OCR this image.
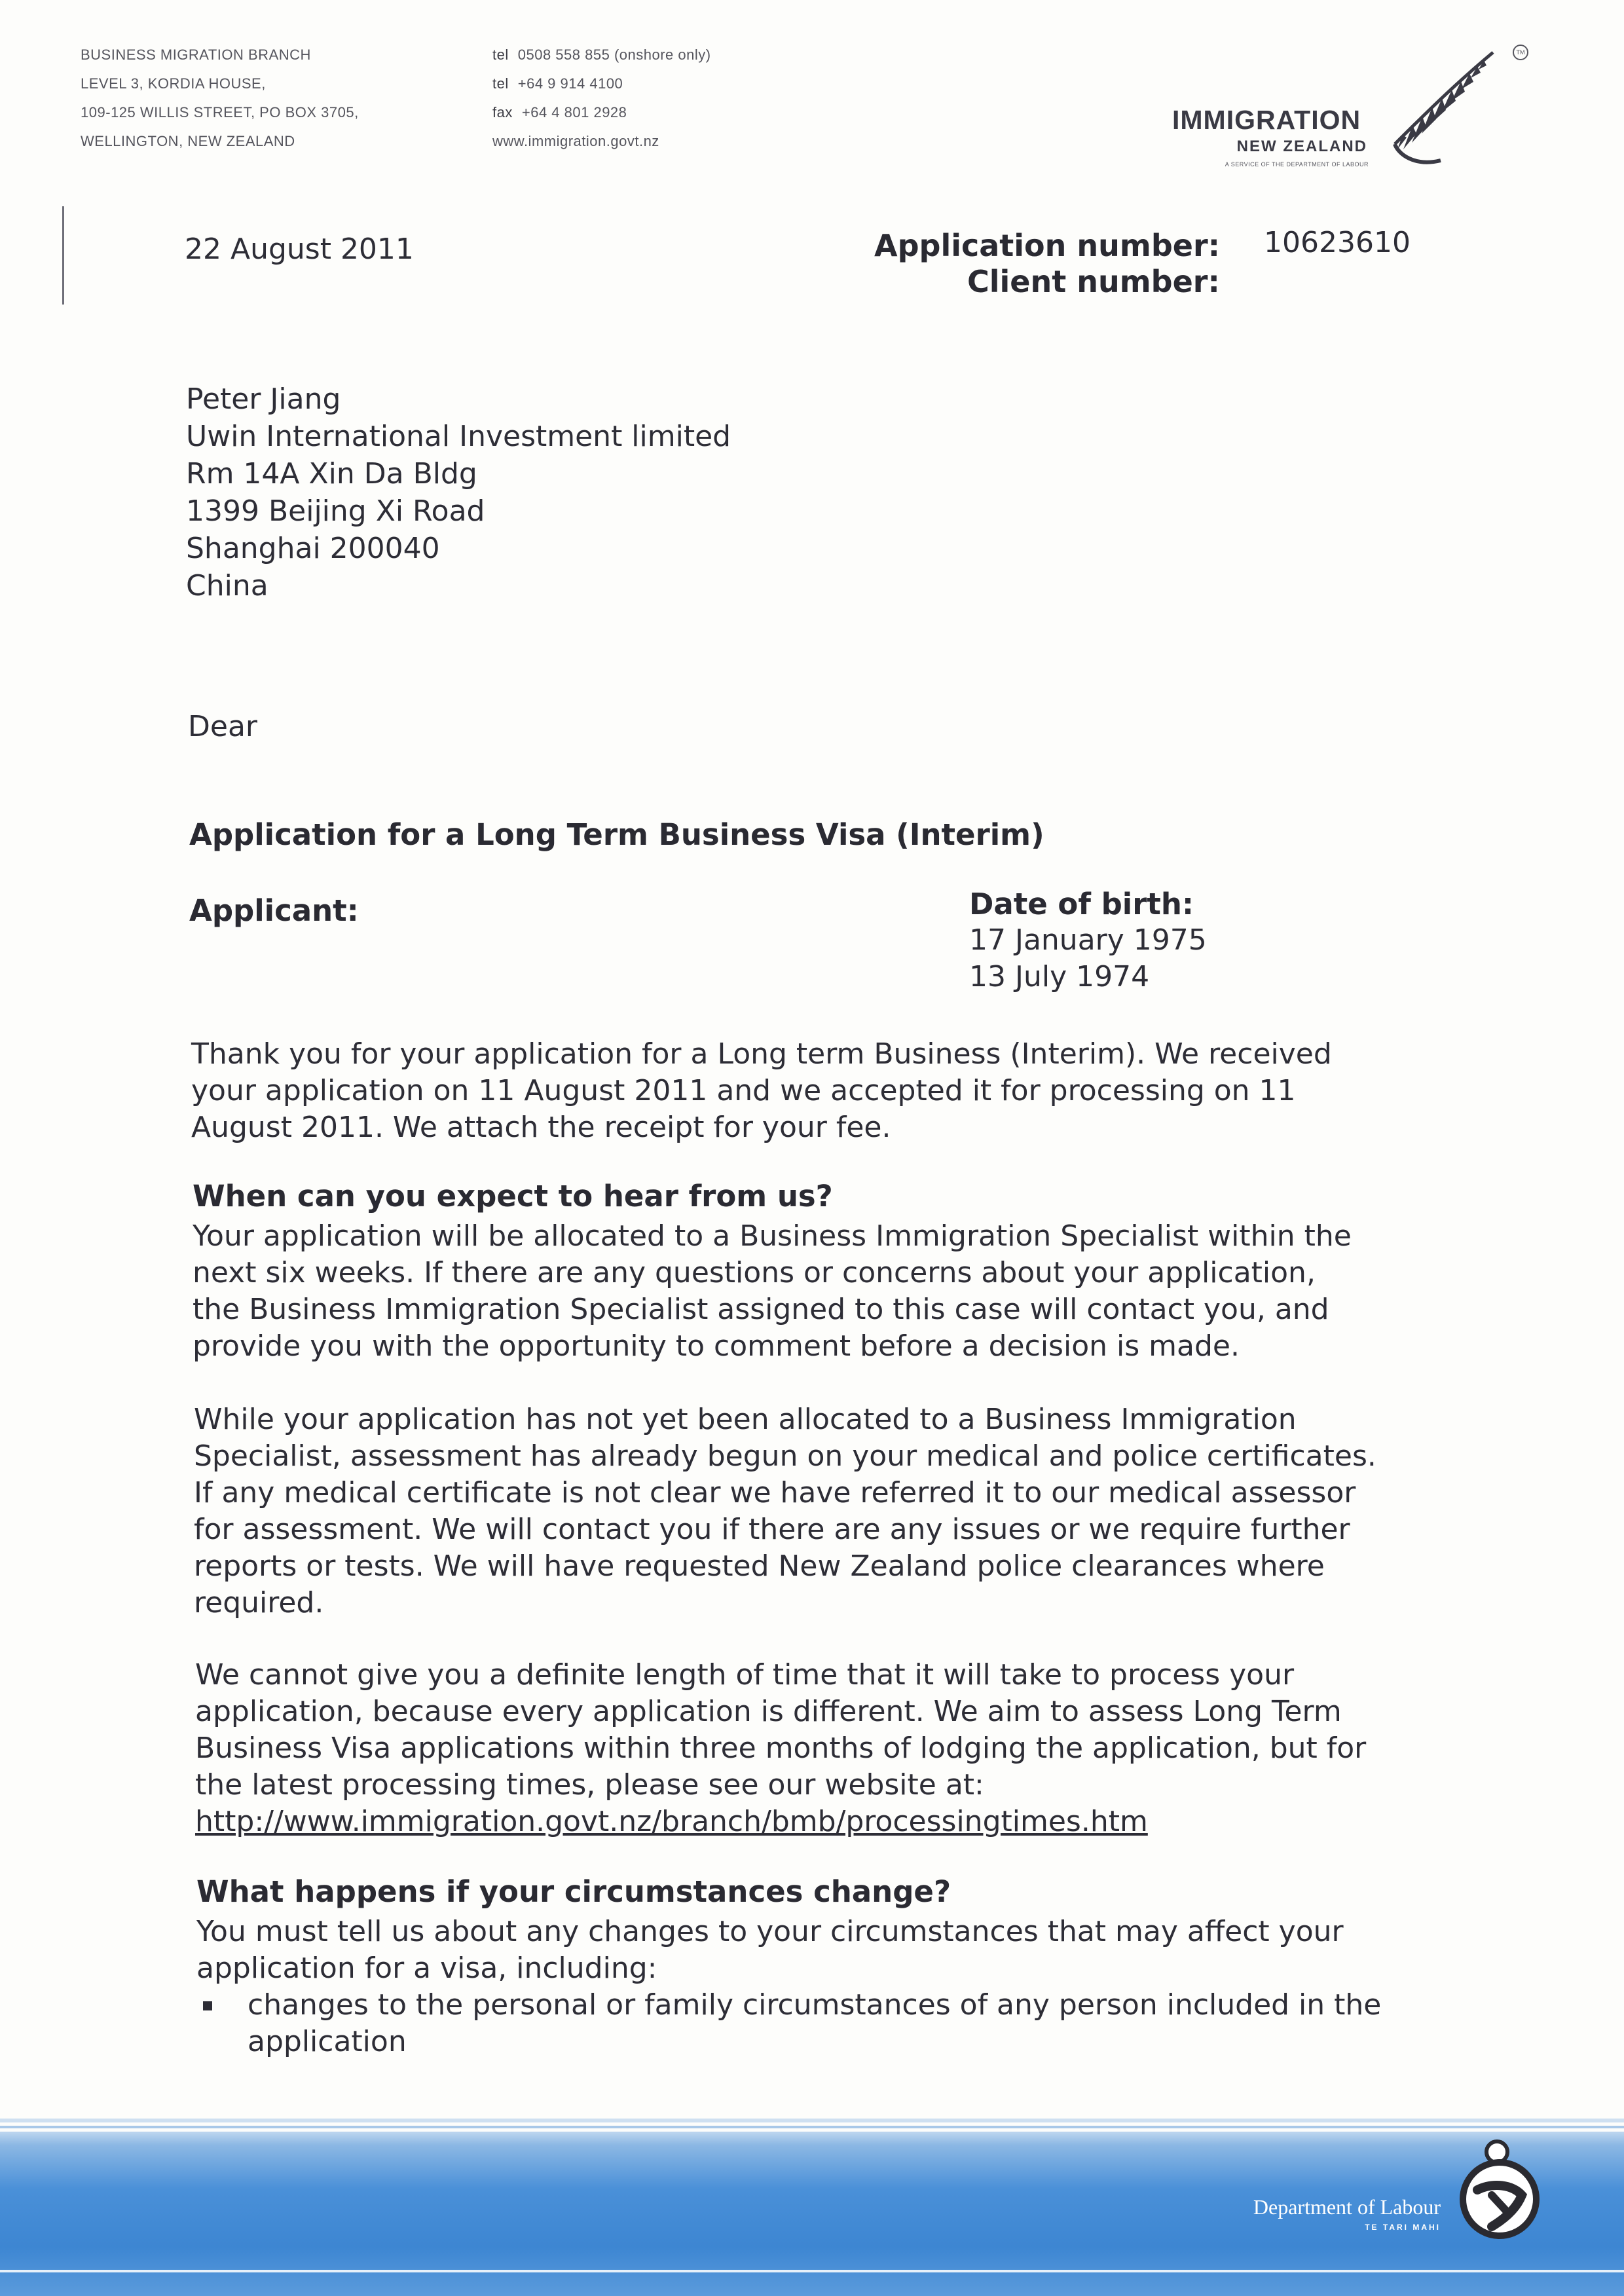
BUSINESS MIGRATION BRANCH
LEVEL 3, KORDIA HOUSE,
109-125 WILLIS STREET, PO BOX 3705,
WELLINGTON, NEW ZEALAND
tel 0508 558 855 (onshore only)
tel +64 9 914 4100
fax +64 4 801 2928
www.immigration.govt.nz
IMMIGRATION
NEW ZEALAND
A SERVICE OF THE DEPARTMENT OF LABOUR
TM
22 August 2011	Application number: 10623610
Client number:
Peter Jiang
Uwin International Investment limited
Rm 14A Xin Da Bldg
1399 Beijing Xi Road
Shanghai 200040
China
Dear
Application for a Long Term Business Visa (Interim)
Applicant:	Date of birth:
17 January 1975
13 July 1974
Thank you for your application for a Long term Business (Interim). We received
your application on 11 August 2011 and we accepted it for processing on 11
August 2011. We attach the receipt for your fee.
When can you expect to hear from us?
Your application will be allocated to a Business Immigration Specialist within the
next six weeks. If there are any questions or concerns about your application,
the Business Immigration Specialist assigned to this case will contact you, and
provide you with the opportunity to comment before a decision is made.
While your application has not yet been allocated to a Business Immigration
Specialist, assessment has already begun on your medical and police certificates.
If any medical certificate is not clear we have referred it to our medical assessor
for assessment. We will contact you if there are any issues or we require further
reports or tests. We will have requested New Zealand police clearances where
required.
We cannot give you a definite length of time that it will take to process your
application, because every application is different. We aim to assess Long Term
Business Visa applications within three months of lodging the application, but for
the latest processing times, please see our website at:
http://www.immigration.govt.nz/branch/bmb/processingtimes.htm
What happens if your circumstances change?
You must tell us about any changes to your circumstances that may affect your
application for a visa, including:
changes to the personal or family circumstances of any person included in the
application
Department of Labour
TE TARI MAHI
